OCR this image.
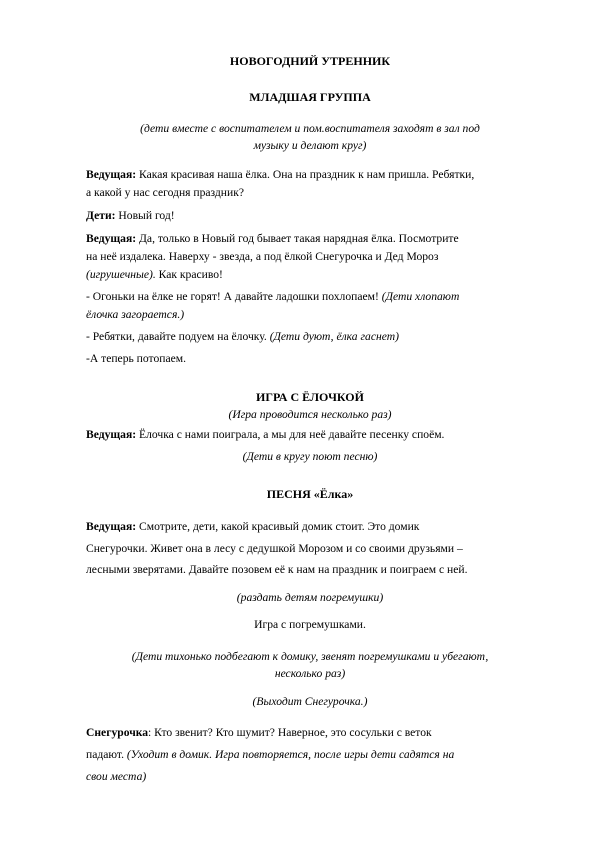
НОВОГОДНИЙ УТРЕННИК
МЛАДШАЯ ГРУППА
(дети вместе с воспитателем и пом.воспитателя заходят в зал под
музыку и делают круг)
Ведущая: Какая красивая наша ёлка. Она на праздник к нам пришла. Ребятки,
а какой у нас сегодня праздник?
Дети: Новый год!
Ведущая: Да, только в Новый год бывает такая нарядная ёлка. Посмотрите
на неё издалека. Наверху - звезда, а под ёлкой Снегурочка и Дед Мороз
(игрушечные). Как красиво!
- Огоньки на ёлке не горят! А давайте ладошки похлопаем! (Дети хлопают
ёлочка загорается.)
- Ребятки, давайте подуем на ёлочку. (Дети дуют, ёлка гаснет)
-А теперь потопаем.
ИГРА С ЁЛОЧКОЙ
(Игра проводится несколько раз)
Ведущая: Ёлочка с нами поиграла, а мы для неё давайте песенку споём.
(Дети в кругу поют песню)
ПЕСНЯ «Ёлка»
Ведущая: Смотрите, дети, какой красивый домик стоит. Это домик
Снегурочки. Живет она в лесу с дедушкой Морозом и со своими друзьями –
лесными зверятами. Давайте позовем её к нам на праздник и поиграем с ней.
(раздать детям погремушки)
Игра с погремушками.
(Дети тихонько подбегают к домику, звенят погремушками и убегают,
несколько раз)
(Выходит Снегурочка.)
Снегурочка: Кто звенит? Кто шумит? Наверное, это сосульки с веток
падают. (Уходит в домик. Игра повторяется, после игры дети садятся на
свои места)
